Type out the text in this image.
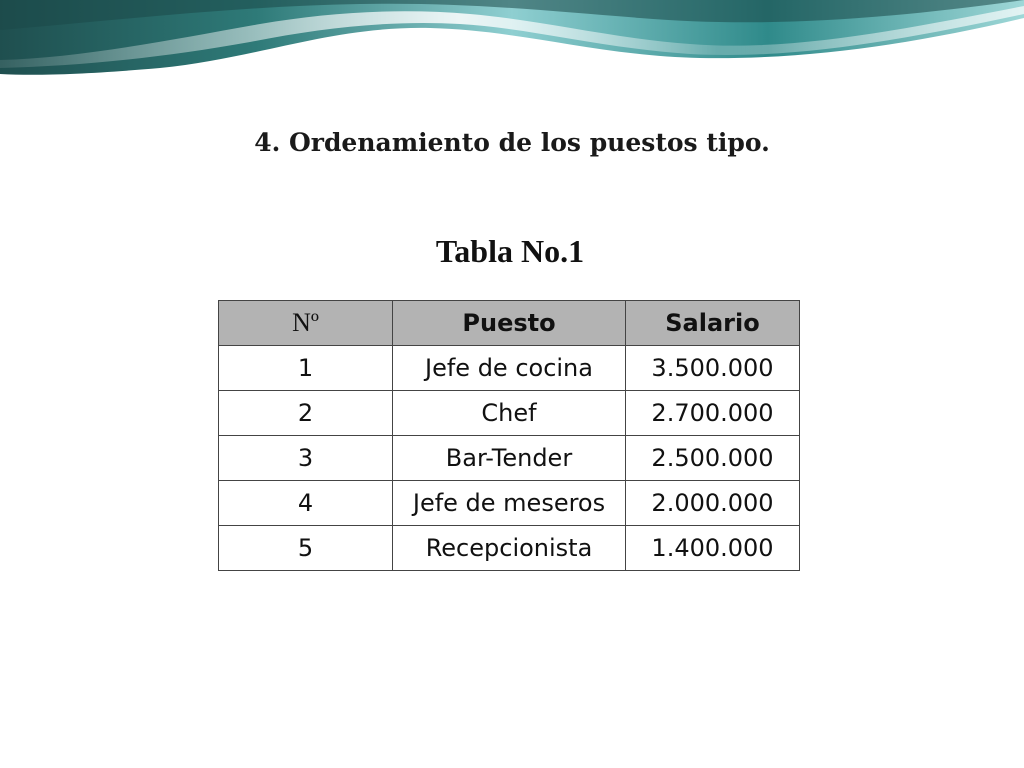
4. Ordenamiento de los puestos tipo.
Tabla No.1
Nº	Puesto	Salario
1	Jefe de cocina	3.500.000
2	Chef	2.700.000
3	Bar-Tender	2.500.000
4	Jefe de meseros	2.000.000
5	Recepcionista	1.400.000
